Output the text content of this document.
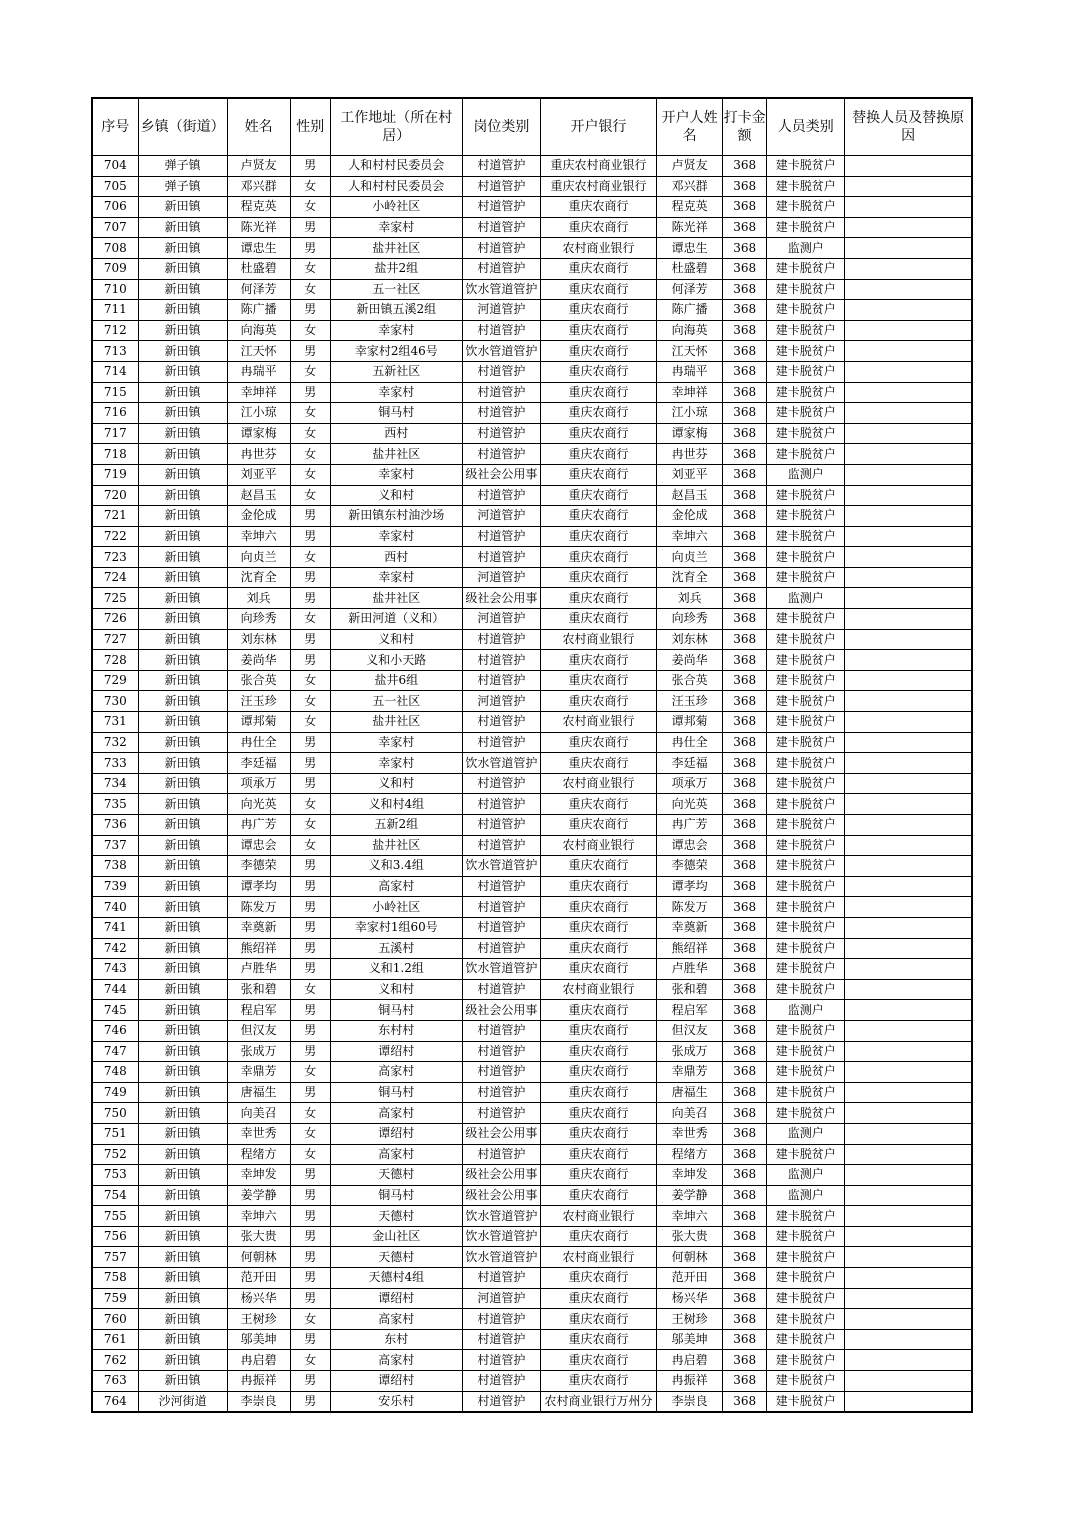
序号	乡镇（街道）	姓名	性别	工作地址（所在村居）	岗位类别	开户银行	开户人姓名	打卡金额	人员类别	替换人员及替换原因
704	弹子镇	卢贤友	男	人和村村民委员会	村道管护	重庆农村商业银行	卢贤友	368	建卡脱贫户	
705	弹子镇	邓兴群	女	人和村村民委员会	村道管护	重庆农村商业银行	邓兴群	368	建卡脱贫户	
706	新田镇	程克英	女	小岭社区	村道管护	重庆农商行	程克英	368	建卡脱贫户	
707	新田镇	陈光祥	男	幸家村	村道管护	重庆农商行	陈光祥	368	建卡脱贫户	
708	新田镇	谭忠生	男	盐井社区	村道管护	农村商业银行	谭忠生	368	监测户	
709	新田镇	杜盛碧	女	盐井2组	村道管护	重庆农商行	杜盛碧	368	建卡脱贫户	
710	新田镇	何泽芳	女	五一社区	饮水管道管护	重庆农商行	何泽芳	368	建卡脱贫户	
711	新田镇	陈广播	男	新田镇五溪2组	河道管护	重庆农商行	陈广播	368	建卡脱贫户	
712	新田镇	向海英	女	幸家村	村道管护	重庆农商行	向海英	368	建卡脱贫户	
713	新田镇	江天怀	男	幸家村2组46号	饮水管道管护	重庆农商行	江天怀	368	建卡脱贫户	
714	新田镇	冉瑞平	女	五新社区	村道管护	重庆农商行	冉瑞平	368	建卡脱贫户	
715	新田镇	幸坤祥	男	幸家村	村道管护	重庆农商行	幸坤祥	368	建卡脱贫户	
716	新田镇	江小琼	女	铜马村	村道管护	重庆农商行	江小琼	368	建卡脱贫户	
717	新田镇	谭家梅	女	西村	村道管护	重庆农商行	谭家梅	368	建卡脱贫户	
718	新田镇	冉世芬	女	盐井社区	村道管护	重庆农商行	冉世芬	368	建卡脱贫户	
719	新田镇	刘亚平	女	幸家村	级社会公用事	重庆农商行	刘亚平	368	监测户	
720	新田镇	赵昌玉	女	义和村	村道管护	重庆农商行	赵昌玉	368	建卡脱贫户	
721	新田镇	金伦成	男	新田镇东村油沙场	河道管护	重庆农商行	金伦成	368	建卡脱贫户	
722	新田镇	幸坤六	男	幸家村	村道管护	重庆农商行	幸坤六	368	建卡脱贫户	
723	新田镇	向贞兰	女	西村	村道管护	重庆农商行	向贞兰	368	建卡脱贫户	
724	新田镇	沈育全	男	幸家村	河道管护	重庆农商行	沈育全	368	建卡脱贫户	
725	新田镇	刘兵	男	盐井社区	级社会公用事	重庆农商行	刘兵	368	监测户	
726	新田镇	向珍秀	女	新田河道（义和）	河道管护	重庆农商行	向珍秀	368	建卡脱贫户	
727	新田镇	刘东林	男	义和村	村道管护	农村商业银行	刘东林	368	建卡脱贫户	
728	新田镇	姜尚华	男	义和小天路	村道管护	重庆农商行	姜尚华	368	建卡脱贫户	
729	新田镇	张合英	女	盐井6组	村道管护	重庆农商行	张合英	368	建卡脱贫户	
730	新田镇	汪玉珍	女	五一社区	河道管护	重庆农商行	汪玉珍	368	建卡脱贫户	
731	新田镇	谭邦菊	女	盐井社区	村道管护	农村商业银行	谭邦菊	368	建卡脱贫户	
732	新田镇	冉仕全	男	幸家村	村道管护	重庆农商行	冉仕全	368	建卡脱贫户	
733	新田镇	李廷福	男	幸家村	饮水管道管护	重庆农商行	李廷福	368	建卡脱贫户	
734	新田镇	项承万	男	义和村	村道管护	农村商业银行	项承万	368	建卡脱贫户	
735	新田镇	向光英	女	义和村4组	村道管护	重庆农商行	向光英	368	建卡脱贫户	
736	新田镇	冉广芳	女	五新2组	村道管护	重庆农商行	冉广芳	368	建卡脱贫户	
737	新田镇	谭忠会	女	盐井社区	村道管护	农村商业银行	谭忠会	368	建卡脱贫户	
738	新田镇	李德荣	男	义和3.4组	饮水管道管护	重庆农商行	李德荣	368	建卡脱贫户	
739	新田镇	谭孝均	男	高家村	村道管护	重庆农商行	谭孝均	368	建卡脱贫户	
740	新田镇	陈发万	男	小岭社区	村道管护	重庆农商行	陈发万	368	建卡脱贫户	
741	新田镇	幸奠新	男	幸家村1组60号	村道管护	重庆农商行	幸奠新	368	建卡脱贫户	
742	新田镇	熊绍祥	男	五溪村	村道管护	重庆农商行	熊绍祥	368	建卡脱贫户	
743	新田镇	卢胜华	男	义和1.2组	饮水管道管护	重庆农商行	卢胜华	368	建卡脱贫户	
744	新田镇	张和碧	女	义和村	村道管护	农村商业银行	张和碧	368	建卡脱贫户	
745	新田镇	程启军	男	铜马村	级社会公用事	重庆农商行	程启军	368	监测户	
746	新田镇	但汉友	男	东村村	村道管护	重庆农商行	但汉友	368	建卡脱贫户	
747	新田镇	张成万	男	谭绍村	村道管护	重庆农商行	张成万	368	建卡脱贫户	
748	新田镇	幸鼎芳	女	高家村	村道管护	重庆农商行	幸鼎芳	368	建卡脱贫户	
749	新田镇	唐福生	男	铜马村	村道管护	重庆农商行	唐福生	368	建卡脱贫户	
750	新田镇	向美召	女	高家村	村道管护	重庆农商行	向美召	368	建卡脱贫户	
751	新田镇	幸世秀	女	谭绍村	级社会公用事	重庆农商行	幸世秀	368	监测户	
752	新田镇	程绪方	女	高家村	村道管护	重庆农商行	程绪方	368	建卡脱贫户	
753	新田镇	幸坤发	男	天德村	级社会公用事	重庆农商行	幸坤发	368	监测户	
754	新田镇	姜学静	男	铜马村	级社会公用事	重庆农商行	姜学静	368	监测户	
755	新田镇	幸坤六	男	天德村	饮水管道管护	农村商业银行	幸坤六	368	建卡脱贫户	
756	新田镇	张大贵	男	金山社区	饮水管道管护	重庆农商行	张大贵	368	建卡脱贫户	
757	新田镇	何朝林	男	天德村	饮水管道管护	农村商业银行	何朝林	368	建卡脱贫户	
758	新田镇	范开田	男	天德村4组	村道管护	重庆农商行	范开田	368	建卡脱贫户	
759	新田镇	杨兴华	男	谭绍村	河道管护	重庆农商行	杨兴华	368	建卡脱贫户	
760	新田镇	王树珍	女	高家村	村道管护	重庆农商行	王树珍	368	建卡脱贫户	
761	新田镇	邬美坤	男	东村	村道管护	重庆农商行	邬美坤	368	建卡脱贫户	
762	新田镇	冉启碧	女	高家村	村道管护	重庆农商行	冉启碧	368	建卡脱贫户	
763	新田镇	冉振祥	男	谭绍村	村道管护	重庆农商行	冉振祥	368	建卡脱贫户	
764	沙河街道	李崇良	男	安乐村	村道管护	农村商业银行万州分	李崇良	368	建卡脱贫户	
